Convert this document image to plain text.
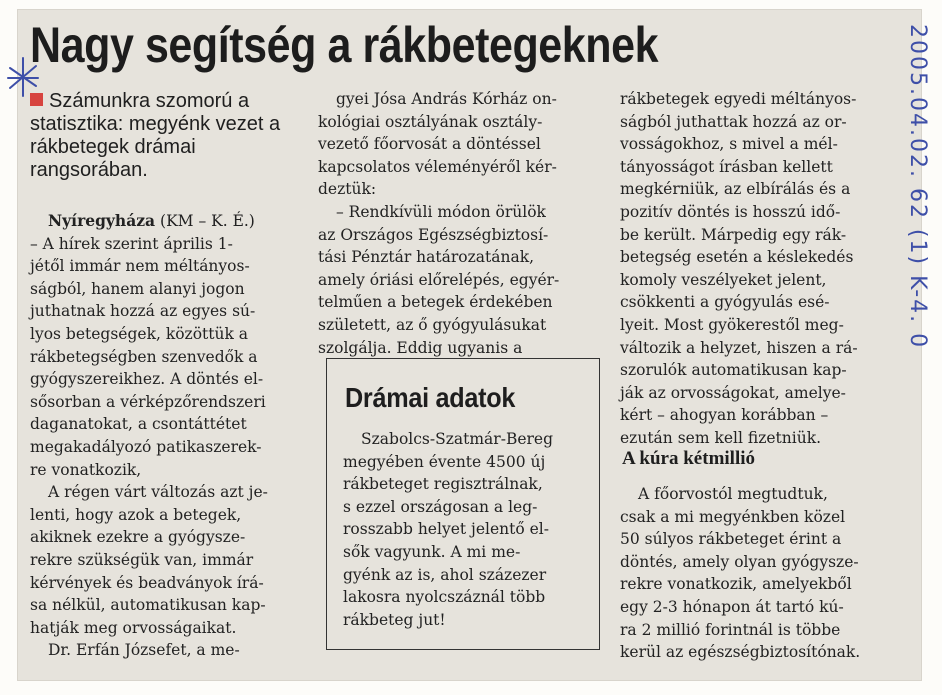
Nagy segítség a rákbetegeknek
Számunkra szomorú a statisztika: megyénk vezet a rákbetegek drámai rangsorában.
Nyíregyháza (KM – K. É.)
– A hírek szerint április 1-
jétől immár nem méltányos-
ságból, hanem alanyi jogon
juthatnak hozzá az egyes sú-
lyos betegségek, közöttük a
rákbetegségben szenvedők a
gyógyszereikhez. A döntés el-
sősorban a vérképzőrendszeri
daganatokat, a csontáttétet
megakadályozó patikaszerek-
re vonatkozik,
A régen várt változás azt je-
lenti, hogy azok a betegek,
akiknek ezekre a gyógysze-
rekre szükségük van, immár
kérvények és beadványok írá-
sa nélkül, automatikusan kap-
hatják meg orvosságaikat.
Dr. Erfán Józsefet, a me-
gyei Jósa András Kórház on-
kológiai osztályának osztály-
vezető főorvosát a döntéssel
kapcsolatos véleményéről kér-
deztük:
– Rendkívüli módon örülök
az Országos Egészségbiztosí-
tási Pénztár határozatának,
amely óriási előrelépés, egyér-
telműen a betegek érdekében
született, az ő gyógyulásukat
szolgálja. Eddig ugyanis a
Drámai adatok
Szabolcs-Szatmár-Bereg
megyében évente 4500 új
rákbeteget regisztrálnak,
s ezzel országosan a leg-
rosszabb helyet jelentő el-
sők vagyunk. A mi me-
gyénk az is, ahol százezer
lakosra nyolcszáznál több
rákbeteg jut!
rákbetegek egyedi méltányos-
ságból juthattak hozzá az or-
vosságokhoz, s mivel a mél-
tányosságot írásban kellett
megkérniük, az elbírálás és a
pozitív döntés is hosszú idő-
be került. Márpedig egy rák-
betegség esetén a késlekedés
komoly veszélyeket jelent,
csökkenti a gyógyulás esé-
lyeit. Most gyökerestől meg-
változik a helyzet, hiszen a rá-
szorulók automatikusan kap-
ják az orvosságokat, amelye-
kért – ahogyan korábban –
ezután sem kell fizetniük.
A kúra kétmillió
A főorvostól megtudtuk,
csak a mi megyénkben közel
50 súlyos rákbeteget érint a
döntés, amely olyan gyógysze-
rekre vonatkozik, amelyekből
egy 2-3 hónapon át tartó kú-
ra 2 millió forintnál is többe
kerül az egészségbiztosítónak.
2005.04.02. 62 (1) K-4. 0
